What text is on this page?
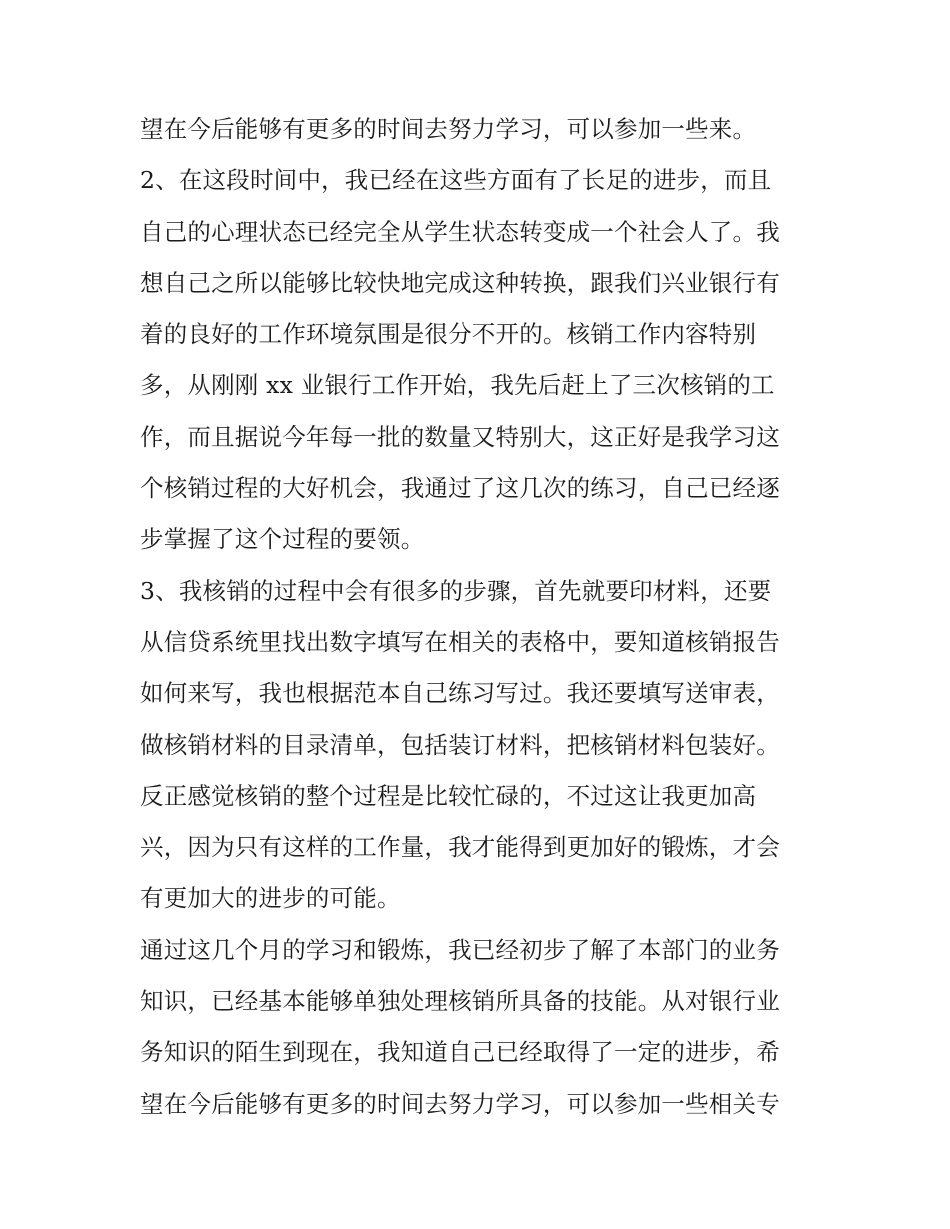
望在今后能够有更多的时间去努力学习，可以参加一些来。
2、在这段时间中，我已经在这些方面有了长足的进步，而且
自己的心理状态已经完全从学生状态转变成一个社会人了。我
想自己之所以能够比较快地完成这种转换，跟我们兴业银行有
着的良好的工作环境氛围是很分不开的。核销工作内容特别
多，从刚刚 xx 业银行工作开始，我先后赶上了三次核销的工
作，而且据说今年每一批的数量又特别大，这正好是我学习这
个核销过程的大好机会，我通过了这几次的练习，自己已经逐
步掌握了这个过程的要领。
3、我核销的过程中会有很多的步骤，首先就要印材料，还要
从信贷系统里找出数字填写在相关的表格中，要知道核销报告
如何来写，我也根据范本自己练习写过。我还要填写送审表，
做核销材料的目录清单，包括装订材料，把核销材料包装好。
反正感觉核销的整个过程是比较忙碌的，不过这让我更加高
兴，因为只有这样的工作量，我才能得到更加好的锻炼，才会
有更加大的进步的可能。
通过这几个月的学习和锻炼，我已经初步了解了本部门的业务
知识，已经基本能够单独处理核销所具备的技能。从对银行业
务知识的陌生到现在，我知道自己已经取得了一定的进步，希
望在今后能够有更多的时间去努力学习，可以参加一些相关专
